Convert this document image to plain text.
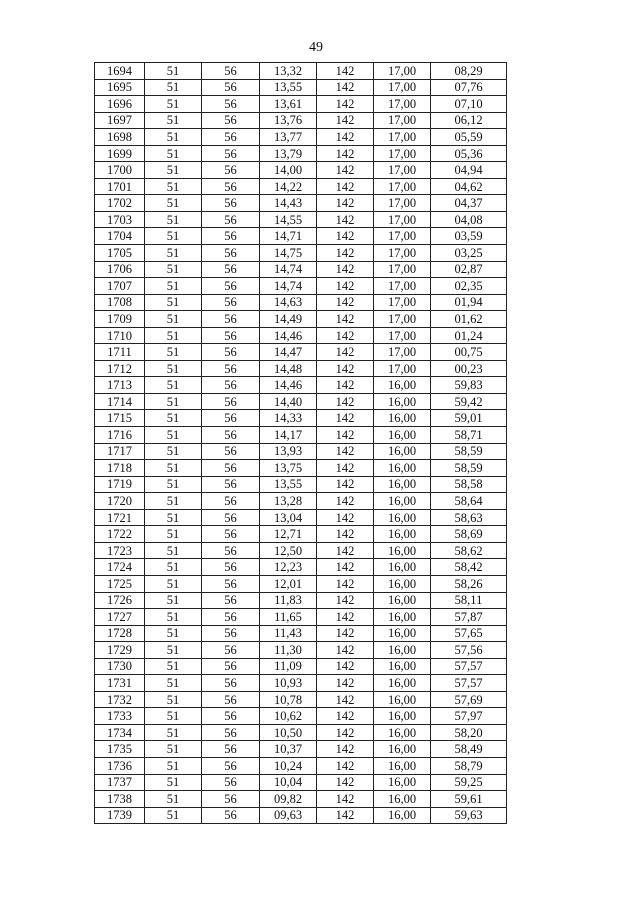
49
1694	51	56	13,32	142	17,00	08,29
1695	51	56	13,55	142	17,00	07,76
1696	51	56	13,61	142	17,00	07,10
1697	51	56	13,76	142	17,00	06,12
1698	51	56	13,77	142	17,00	05,59
1699	51	56	13,79	142	17,00	05,36
1700	51	56	14,00	142	17,00	04,94
1701	51	56	14,22	142	17,00	04,62
1702	51	56	14,43	142	17,00	04,37
1703	51	56	14,55	142	17,00	04,08
1704	51	56	14,71	142	17,00	03,59
1705	51	56	14,75	142	17,00	03,25
1706	51	56	14,74	142	17,00	02,87
1707	51	56	14,74	142	17,00	02,35
1708	51	56	14,63	142	17,00	01,94
1709	51	56	14,49	142	17,00	01,62
1710	51	56	14,46	142	17,00	01,24
1711	51	56	14,47	142	17,00	00,75
1712	51	56	14,48	142	17,00	00,23
1713	51	56	14,46	142	16,00	59,83
1714	51	56	14,40	142	16,00	59,42
1715	51	56	14,33	142	16,00	59,01
1716	51	56	14,17	142	16,00	58,71
1717	51	56	13,93	142	16,00	58,59
1718	51	56	13,75	142	16,00	58,59
1719	51	56	13,55	142	16,00	58,58
1720	51	56	13,28	142	16,00	58,64
1721	51	56	13,04	142	16,00	58,63
1722	51	56	12,71	142	16,00	58,69
1723	51	56	12,50	142	16,00	58,62
1724	51	56	12,23	142	16,00	58,42
1725	51	56	12,01	142	16,00	58,26
1726	51	56	11,83	142	16,00	58,11
1727	51	56	11,65	142	16,00	57,87
1728	51	56	11,43	142	16,00	57,65
1729	51	56	11,30	142	16,00	57,56
1730	51	56	11,09	142	16,00	57,57
1731	51	56	10,93	142	16,00	57,57
1732	51	56	10,78	142	16,00	57,69
1733	51	56	10,62	142	16,00	57,97
1734	51	56	10,50	142	16,00	58,20
1735	51	56	10,37	142	16,00	58,49
1736	51	56	10,24	142	16,00	58,79
1737	51	56	10,04	142	16,00	59,25
1738	51	56	09,82	142	16,00	59,61
1739	51	56	09,63	142	16,00	59,63
